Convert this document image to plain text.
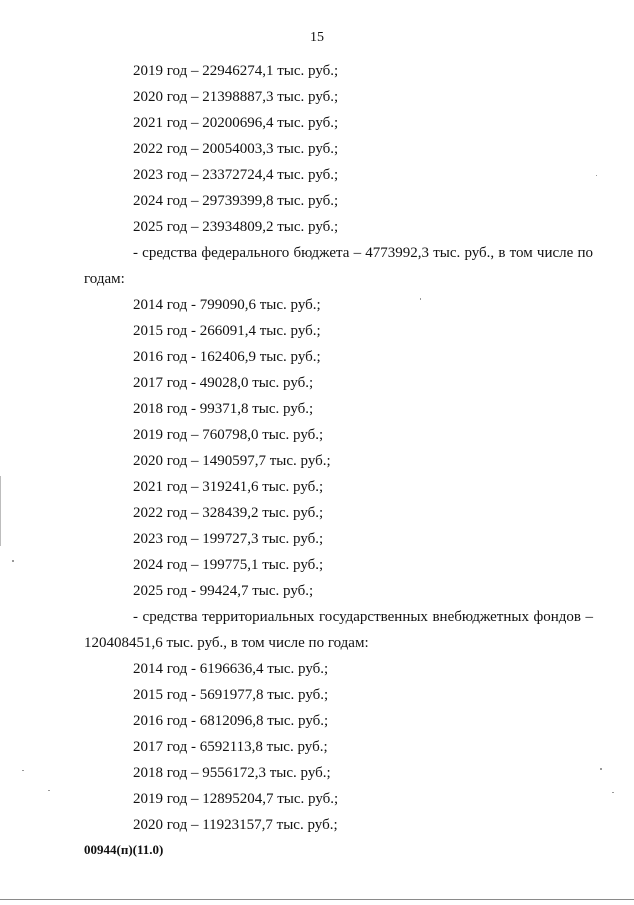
15
2019 год – 22946274,1 тыс. руб.;
2020 год – 21398887,3 тыс. руб.;
2021 год – 20200696,4 тыс. руб.;
2022 год – 20054003,3 тыс. руб.;
2023 год – 23372724,4 тыс. руб.;
2024 год – 29739399,8 тыс. руб.;
2025 год – 23934809,2 тыс. руб.;
- средства федерального бюджета – 4773992,3 тыс. руб., в том числе по
годам:
2014 год - 799090,6 тыс. руб.;
2015 год - 266091,4 тыс. руб.;
2016 год - 162406,9 тыс. руб.;
2017 год - 49028,0 тыс. руб.;
2018 год - 99371,8 тыс. руб.;
2019 год – 760798,0 тыс. руб.;
2020 год – 1490597,7 тыс. руб.;
2021 год – 319241,6 тыс. руб.;
2022 год – 328439,2 тыс. руб.;
2023 год – 199727,3 тыс. руб.;
2024 год – 199775,1 тыс. руб.;
2025 год - 99424,7 тыс. руб.;
- средства территориальных государственных внебюджетных фондов –
120408451,6 тыс. руб., в том числе по годам:
2014 год - 6196636,4 тыс. руб.;
2015 год - 5691977,8 тыс. руб.;
2016 год - 6812096,8 тыс. руб.;
2017 год - 6592113,8 тыс. руб.;
2018 год – 9556172,3 тыс. руб.;
2019 год – 12895204,7 тыс. руб.;
2020 год – 11923157,7 тыс. руб.;
00944(п)(11.0)
